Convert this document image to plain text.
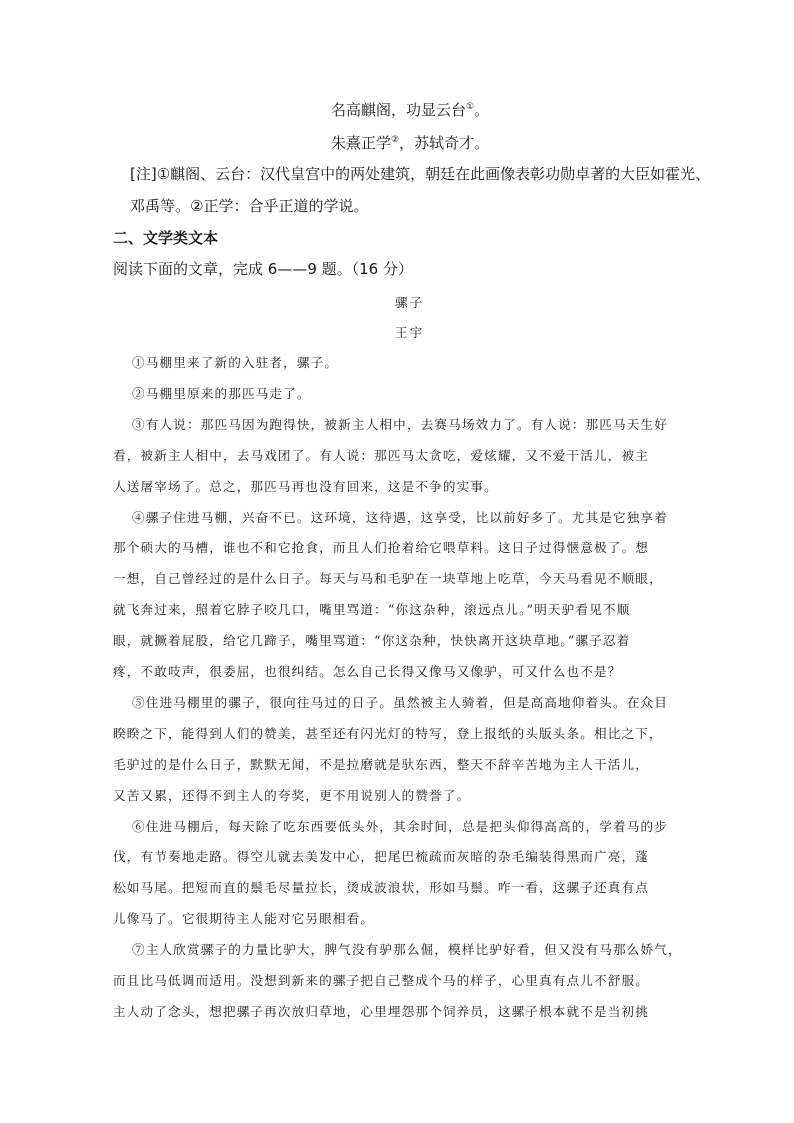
名高麒阁，功显云台①。
朱熹正学②，苏轼奇才。
[注]①麒阁、云台：汉代皇宫中的两处建筑，朝廷在此画像表彰功勋卓著的大臣如霍光、
邓禹等。②正学：合乎正道的学说。
二、文学类文本
阅读下面的文章，完成 6——9 题。（16 分）
骡子
王宇
①马棚里来了新的入驻者，骡子。
②马棚里原来的那匹马走了。
③有人说：那匹马因为跑得快，被新主人相中，去赛马场效力了。有人说：那匹马天生好
看，被新主人相中，去马戏团了。有人说：那匹马太贪吃，爱炫耀，又不爱干活儿，被主
人送屠宰场了。总之，那匹马再也没有回来，这是不争的实事。
④骡子住进马棚，兴奋不已。这环境，这待遇，这享受，比以前好多了。尤其是它独享着
那个硕大的马槽，谁也不和它抢食，而且人们抢着给它喂草料。这日子过得惬意极了。想
一想，自己曾经过的是什么日子。每天与马和毛驴在一块草地上吃草，今天马看见不顺眼，
就飞奔过来，照着它脖子咬几口，嘴里骂道：“你这杂种，滚远点儿。”明天驴看见不顺
眼，就撅着屁股，给它几蹄子，嘴里骂道：“你这杂种，快快离开这块草地。”骡子忍着
疼，不敢吱声，很委屈，也很纠结。怎么自己长得又像马又像驴，可又什么也不是？
⑤住进马棚里的骡子，很向往马过的日子。虽然被主人骑着，但是高高地仰着头。在众目
睽睽之下，能得到人们的赞美，甚至还有闪光灯的特写，登上报纸的头版头条。相比之下，
毛驴过的是什么日子，默默无闻，不是拉磨就是驮东西，整天不辞辛苦地为主人干活儿，
又苦又累，还得不到主人的夸奖，更不用说别人的赞誉了。
⑥住进马棚后，每天除了吃东西要低头外，其余时间，总是把头仰得高高的，学着马的步
伐，有节奏地走路。得空儿就去美发中心，把尾巴梳疏而灰暗的杂毛编装得黑而广亮，蓬
松如马尾。把短而直的鬃毛尽量拉长，烫成波浪状，形如马鬃。咋一看，这骡子还真有点
儿像马了。它很期待主人能对它另眼相看。
⑦主人欣赏骡子的力量比驴大，脾气没有驴那么倔，模样比驴好看，但又没有马那么娇气，
而且比马低调而适用。没想到新来的骡子把自己整成个马的样子，心里真有点儿不舒服。
主人动了念头，想把骡子再次放归草地，心里埋怨那个饲养员，这骡子根本就不是当初挑
